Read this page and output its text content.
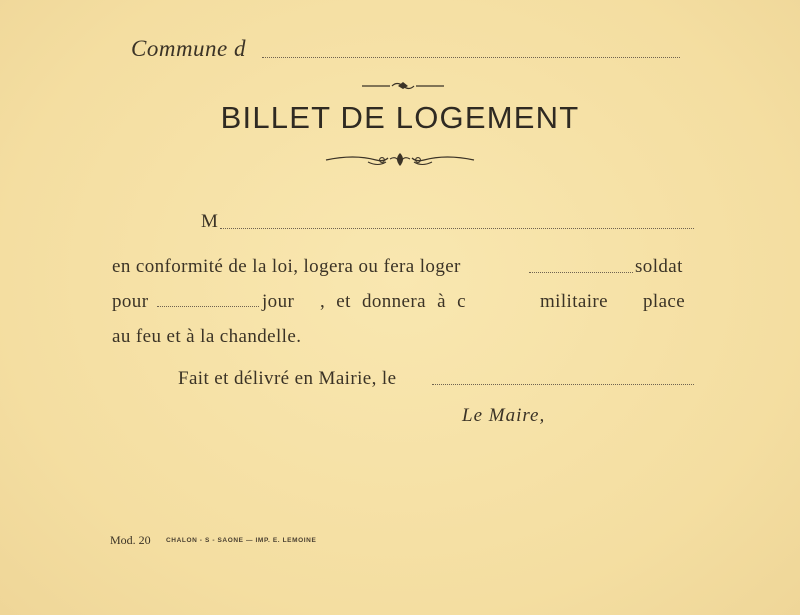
Commune d
BILLET DE LOGEMENT
M
en conformité de la loi, logera ou fera loger	soldat
pour	jour , et donnera à c	militaire place
au feu et à la chandelle.
Fait et délivré en Mairie, le
Le Maire,
Mod. 20 CHALON - S - SAONE — IMP. E. LEMOINE
